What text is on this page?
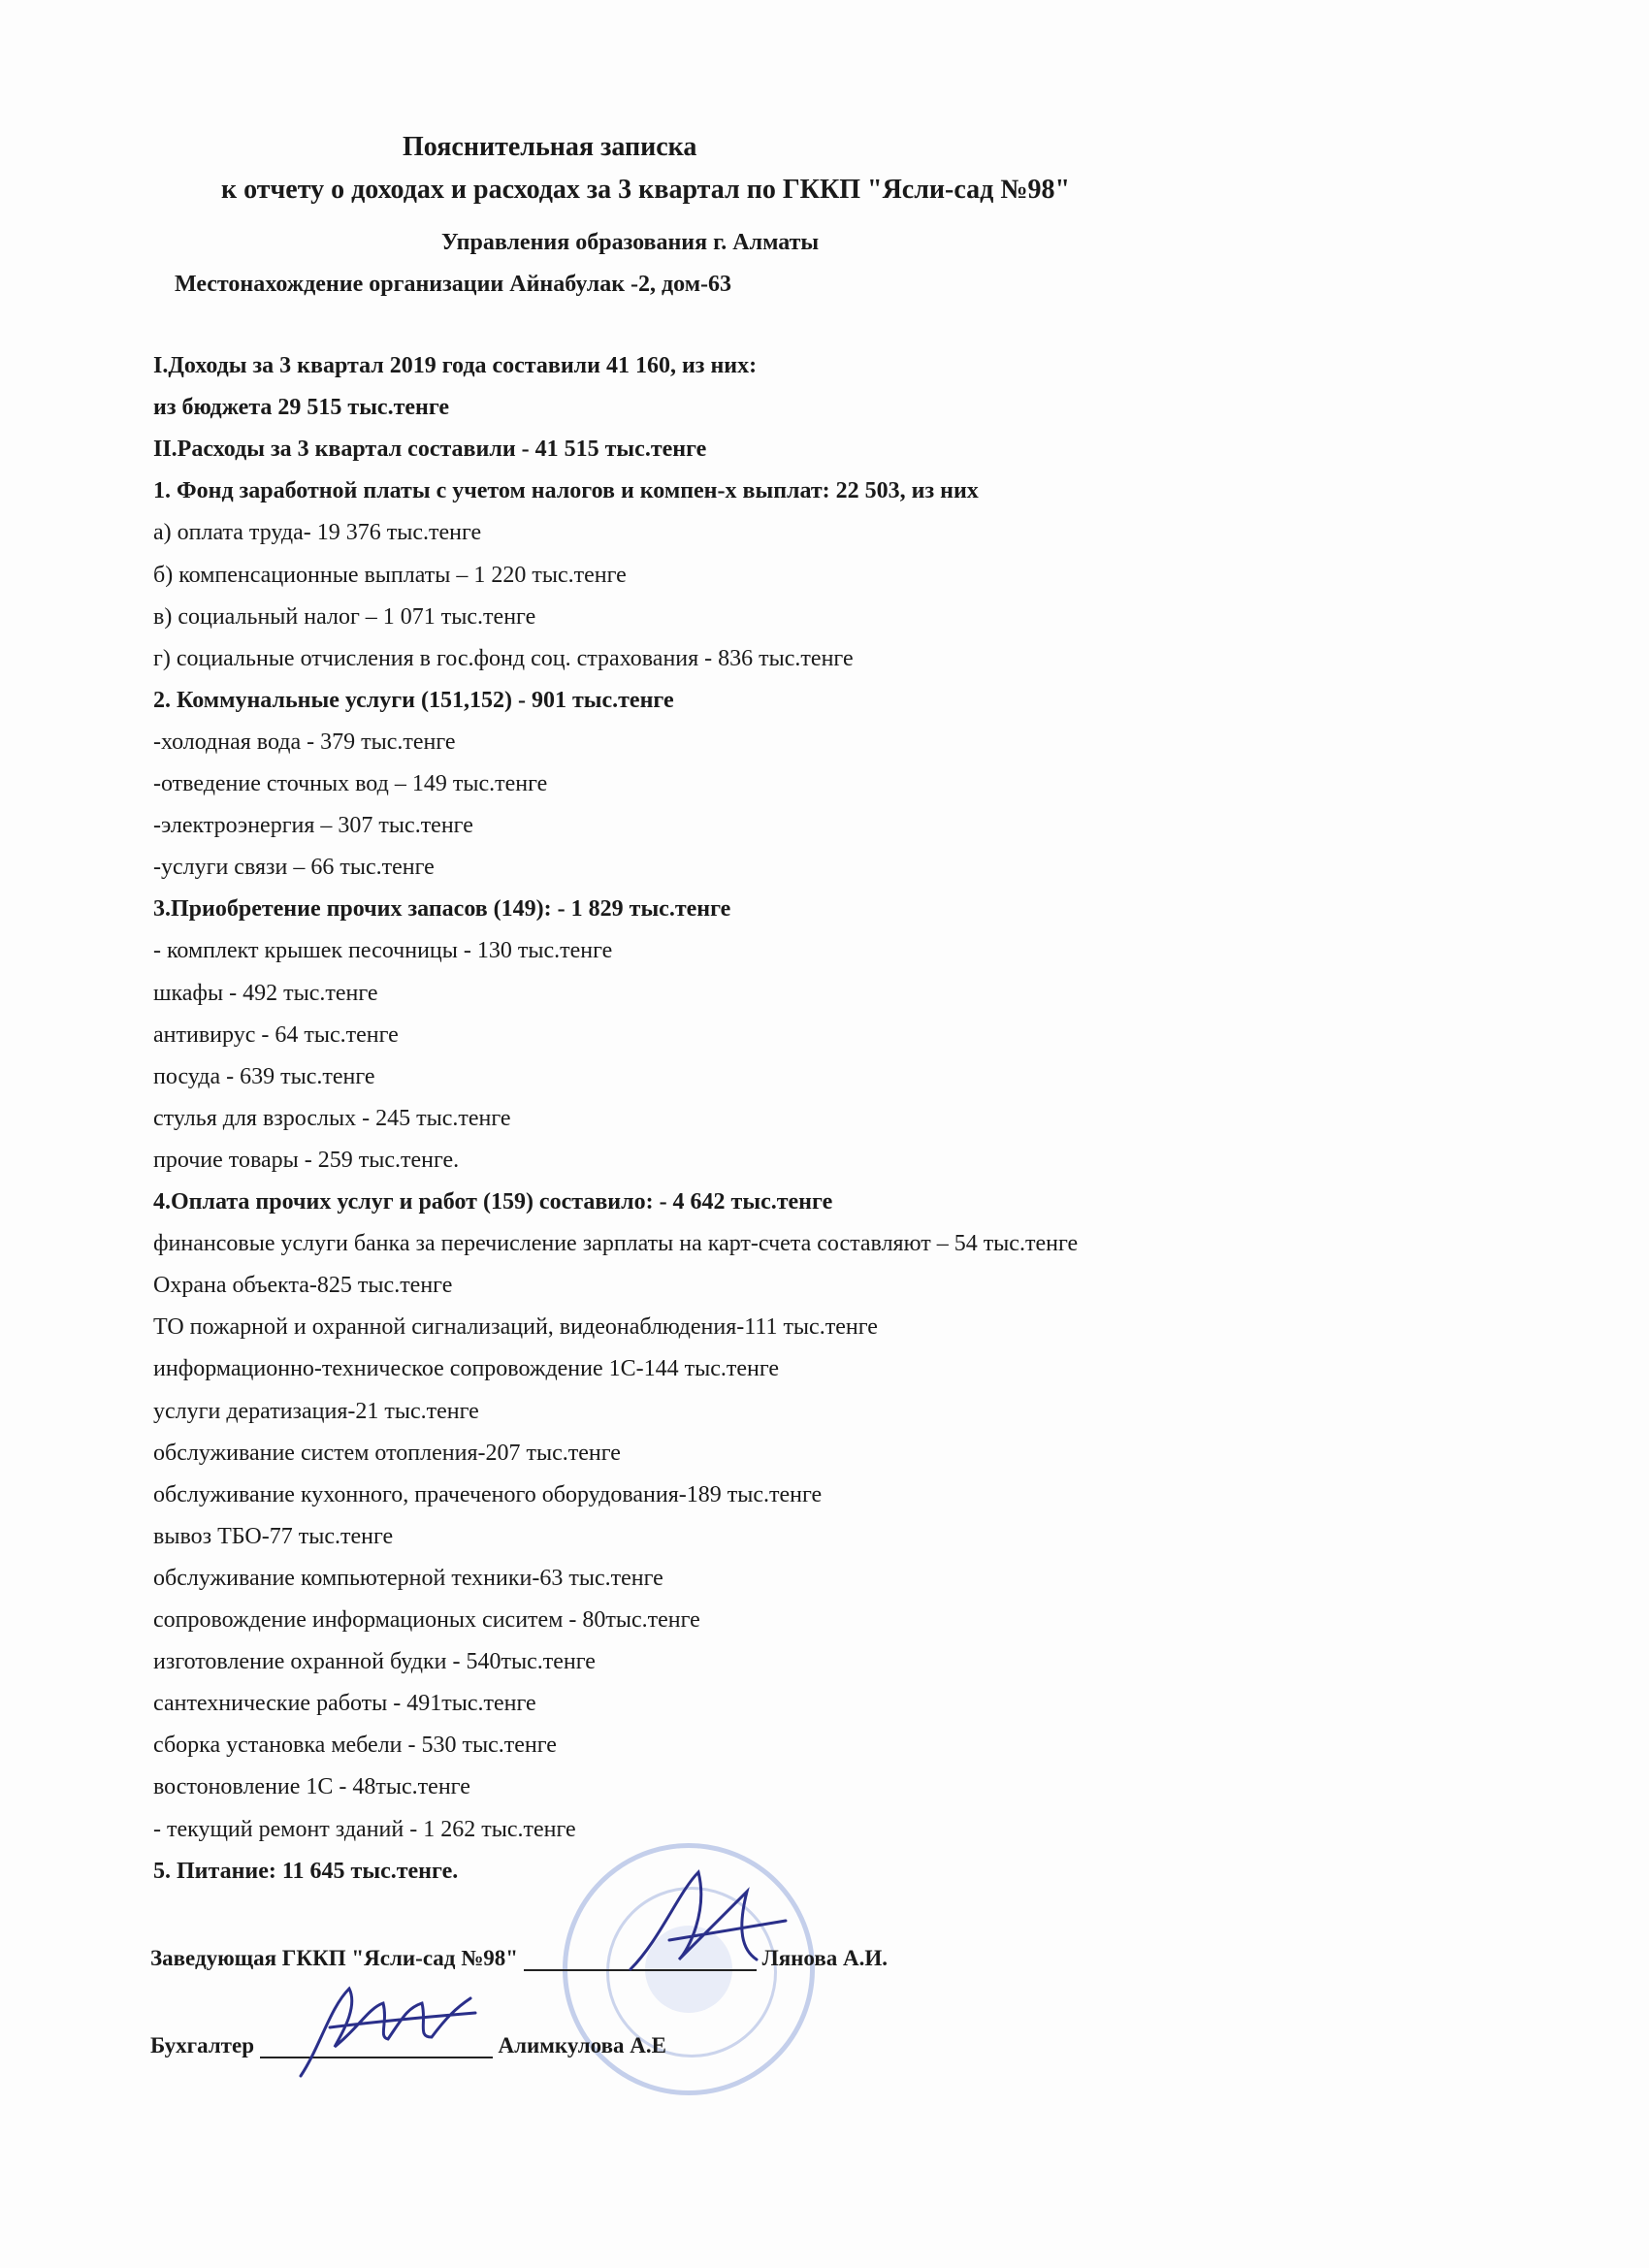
Пояснительная записка
к отчету о доходах и расходах за 3 квартал по ГККП "Ясли-сад №98"
Управления образования г. Алматы
Местонахождение организации Айнабулак -2, дом-63
I.Доходы за 3 квартал 2019 года составили 41 160, из них:
из бюджета 29 515 тыс.тенге
II.Расходы за 3 квартал составили - 41 515 тыс.тенге
1. Фонд заработной платы с учетом налогов и компен-х выплат: 22 503, из них
а) оплата труда- 19 376 тыс.тенге
б) компенсационные выплаты – 1 220 тыс.тенге
в) социальный налог – 1 071 тыс.тенге
г) социальные отчисления в гос.фонд соц. страхования - 836 тыс.тенге
2. Коммунальные услуги (151,152) - 901 тыс.тенге
-холодная вода - 379 тыс.тенге
-отведение сточных вод – 149 тыс.тенге
-электроэнергия – 307 тыс.тенге
-услуги связи – 66 тыс.тенге
3.Приобретение прочих запасов (149): - 1 829 тыс.тенге
- комплект крышек песочницы - 130 тыс.тенге
шкафы - 492 тыс.тенге
антивирус - 64 тыс.тенге
посуда - 639 тыс.тенге
стулья для взрослых - 245 тыс.тенге
прочие товары - 259 тыс.тенге.
4.Оплата прочих услуг и работ (159) составило: - 4 642 тыс.тенге
финансовые услуги банка за перечисление зарплаты на карт-счета составляют – 54 тыс.тенге
Охрана объекта-825 тыс.тенге
ТО пожарной и охранной сигнализаций, видеонаблюдения-111 тыс.тенге
информационно-техническое сопровождение 1С-144 тыс.тенге
услуги дератизация-21 тыс.тенге
обслуживание систем отопления-207 тыс.тенге
обслуживание кухонного, прачеченого оборудования-189 тыс.тенге
вывоз ТБО-77 тыс.тенге
обслуживание компьютерной техники-63 тыс.тенге
сопровождение информационых сиситем - 80тыс.тенге
изготовление охранной будки - 540тыс.тенге
сантехнические работы - 491тыс.тенге
сборка установка мебели - 530 тыс.тенге
востоновление 1С - 48тыс.тенге
- текущий ремонт зданий - 1 262 тыс.тенге
5. Питание: 11 645 тыс.тенге.
Заведующая ГККП "Ясли-сад №98"	Лянова А.И.
Бухгалтер	Алимкулова А.Е
